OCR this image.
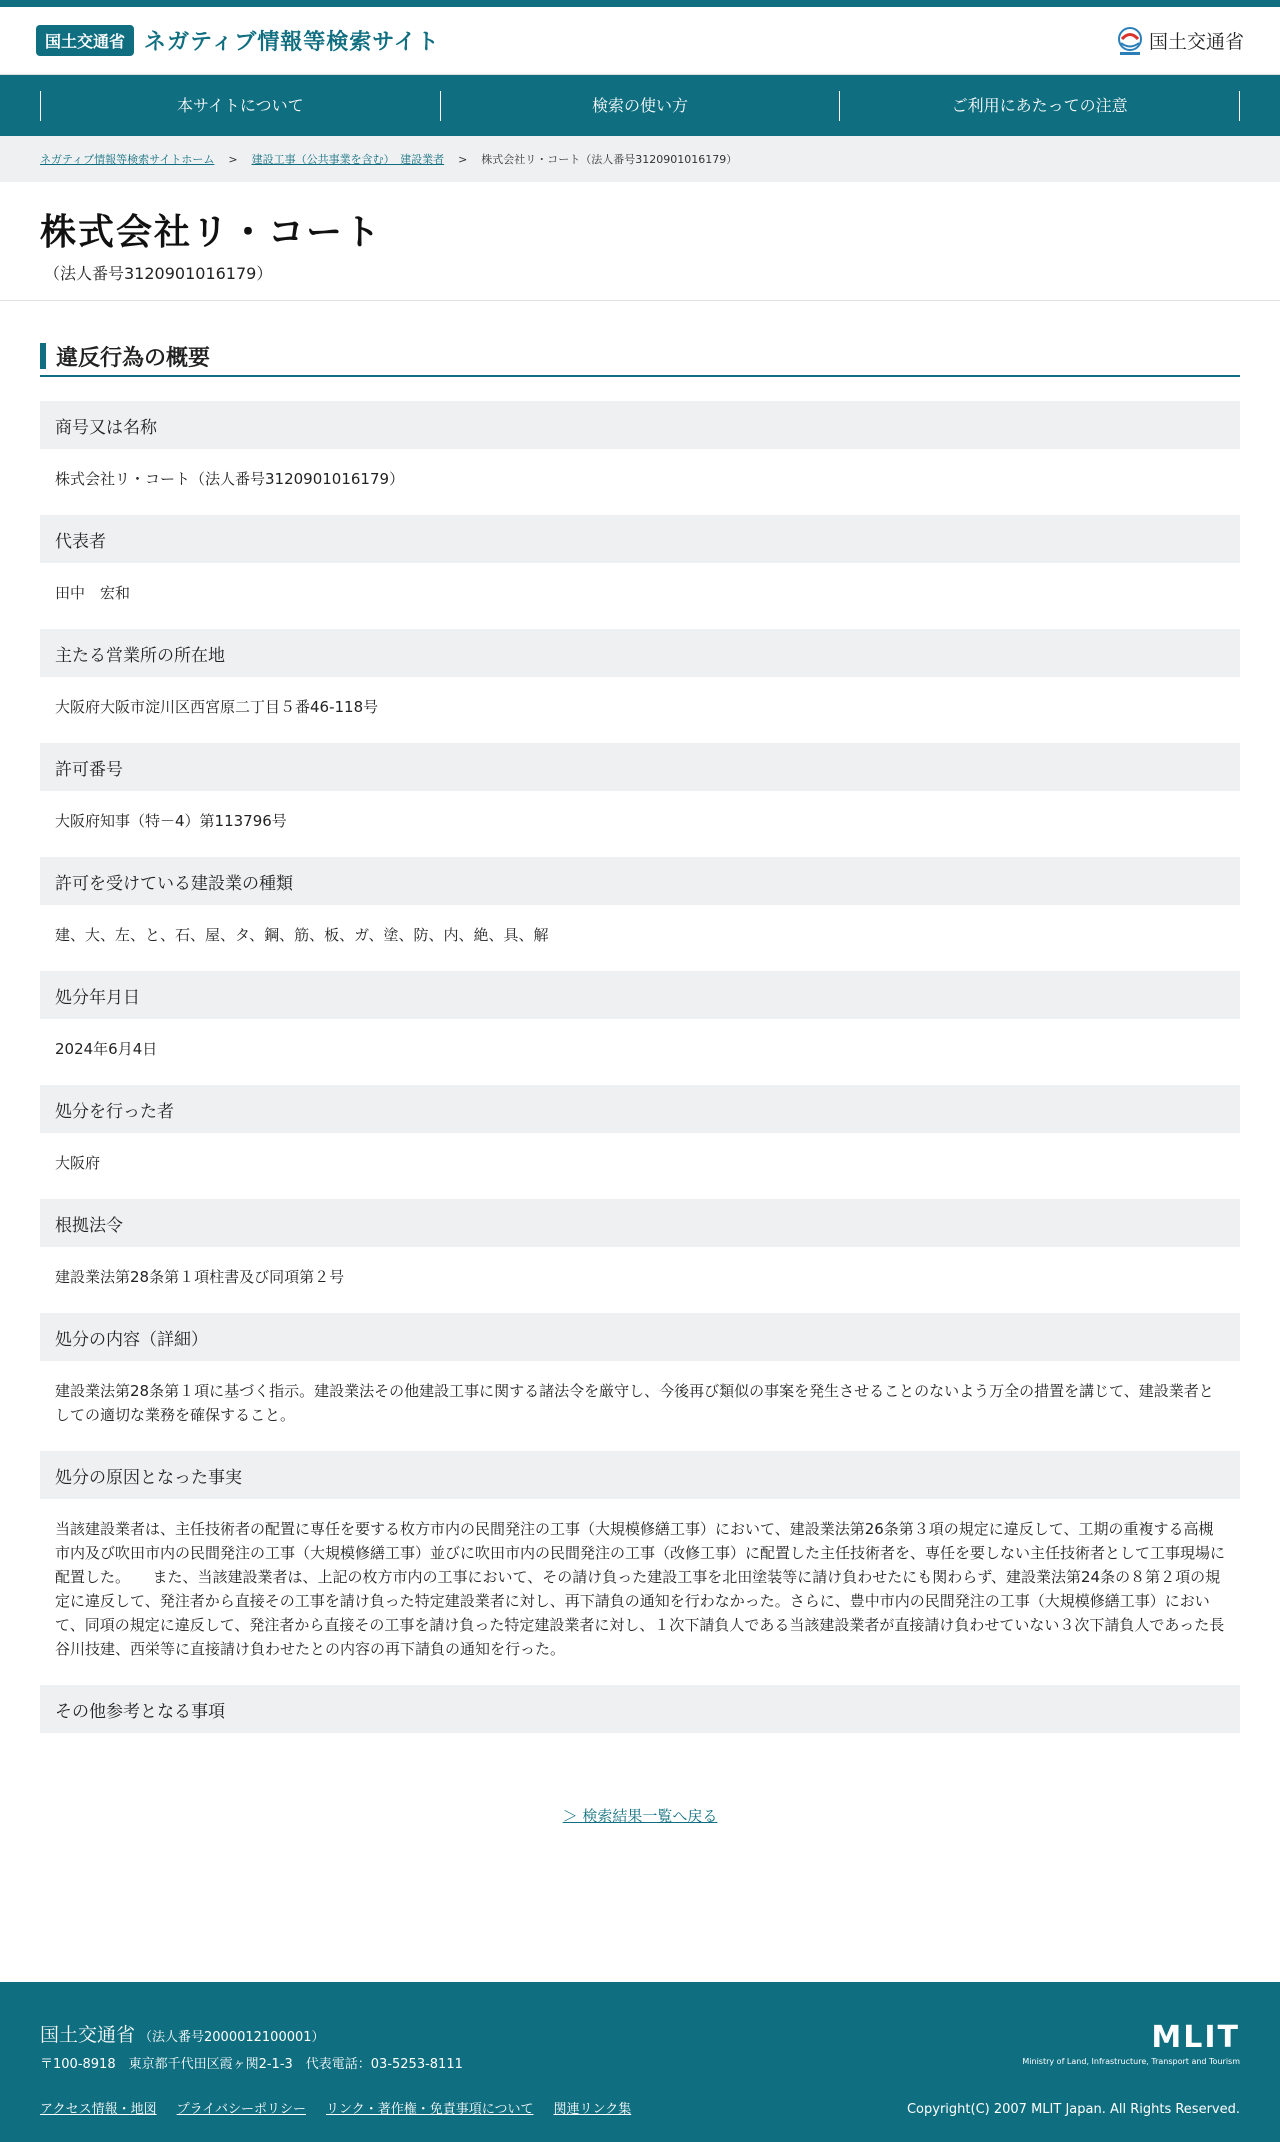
国土交通省 ネガティブ情報等検索サイト	国土交通省
本サイトについて	検索の使い方	ご利用にあたっての注意
ネガティブ情報等検索サイトホーム > 建設工事（公共事業を含む）　建設業者 > 株式会社リ・コート（法人番号3120901016179）
株式会社リ・コート
（法人番号3120901016179）
違反行為の概要
商号又は名称
株式会社リ・コート（法人番号3120901016179）
代表者
田中　宏和
主たる営業所の所在地
大阪府大阪市淀川区西宮原二丁目５番46-118号
許可番号
大阪府知事（特－4）第113796号
許可を受けている建設業の種類
建、大、左、と、石、屋、タ、鋼、筋、板、ガ、塗、防、内、絶、具、解
処分年月日
2024年6月4日
処分を行った者
大阪府
根拠法令
建設業法第28条第１項柱書及び同項第２号
処分の内容（詳細）
建設業法第28条第１項に基づく指示。建設業法その他建設工事に関する諸法令を厳守し、今後再び類似の事案を発生させることのないよう万全の措置を講じて、建設業者としての適切な業務を確保すること。
処分の原因となった事実
当該建設業者は、主任技術者の配置に専任を要する枚方市内の民間発注の工事（大規模修繕工事）において、建設業法第26条第３項の規定に違反して、工期の重複する高槻市内及び吹田市内の民間発注の工事（大規模修繕工事）並びに吹田市内の民間発注の工事（改修工事）に配置した主任技術者を、専任を要しない主任技術者として工事現場に配置した。　　また、当該建設業者は、上記の枚方市内の工事において、その請け負った建設工事を北田塗装等に請け負わせたにも関わらず、建設業法第24条の８第２項の規定に違反して、発注者から直接その工事を請け負った特定建設業者に対し、再下請負の通知を行わなかった。さらに、豊中市内の民間発注の工事（大規模修繕工事）において、同項の規定に違反して、発注者から直接その工事を請け負った特定建設業者に対し、１次下請負人である当該建設業者が直接請け負わせていない３次下請負人であった長谷川技建、西栄等に直接請け負わせたとの内容の再下請負の通知を行った。
その他参考となる事項
＞ 検索結果一覧へ戻る
国土交通省 （法人番号2000012100001）
〒100-8918　東京都千代田区霞ヶ関2-1-3　代表電話：03-5253-8111
アクセス情報・地図 プライバシーポリシー リンク・著作権・免責事項について 関連リンク集
MLIT
Ministry of Land, Infrastructure, Transport and Tourism
Copyright(C) 2007 MLIT Japan. All Rights Reserved.
